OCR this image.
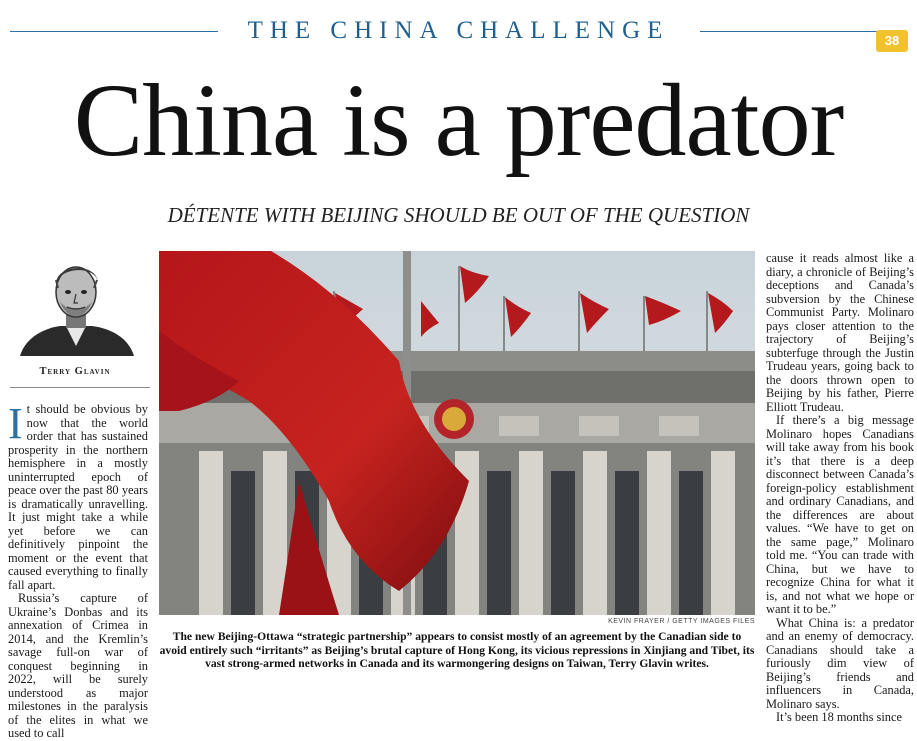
THE CHINA CHALLENGE	38
China is a predator
DÉTENTE WITH BEIJING SHOULD BE OUT OF THE QUESTION
Terry Glavin

It should be obvious by now that the world order that has sustained prosperity in the northern hemisphere in a mostly uninterrupted epoch of peace over the past 80 years is dramatically unravelling. It just might take a while yet before we can definitively pinpoint the moment or the event that caused everything to finally fall apart.

Russia’s capture of Ukraine’s Donbas and its annexation of Crimea in 2014, and the Kremlin’s savage full-on war of conquest beginning in 2022, will be surely understood as major milestones in the paralysis of the elites in what we used to call

KEVIN FRAYER / GETTY IMAGES FILES
The new Beijing-Ottawa “strategic partnership” appears to consist mostly of an agreement by the Canadian side to avoid entirely such “irritants” as Beijing’s brutal capture of Hong Kong, its vicious repressions in Xinjiang and Tibet, its vast strong-armed networks in Canada and its warmongering designs on Taiwan, Terry Glavin writes.

cause it reads almost like a diary, a chronicle of Beijing’s deceptions and Canada’s subversion by the Chinese Communist Party. Molinaro pays closer attention to the trajectory of Beijing’s subterfuge through the Justin Trudeau years, going back to the doors thrown open to Beijing by his father, Pierre Elliott Trudeau.

If there’s a big message Molinaro hopes Canadians will take away from his book it’s that there is a deep disconnect between Canada’s foreign-policy establishment and ordinary Canadians, and the differences are about values. “We have to get on the same page,” Molinaro told me. “You can trade with China, but we have to recognize China for what it is, and not what we hope or want it to be.”

What China is: a predator and an enemy of democracy. Canadians should take a furiously dim view of Beijing’s friends and influencers in Canada, Molinaro says.

It’s been 18 months since
